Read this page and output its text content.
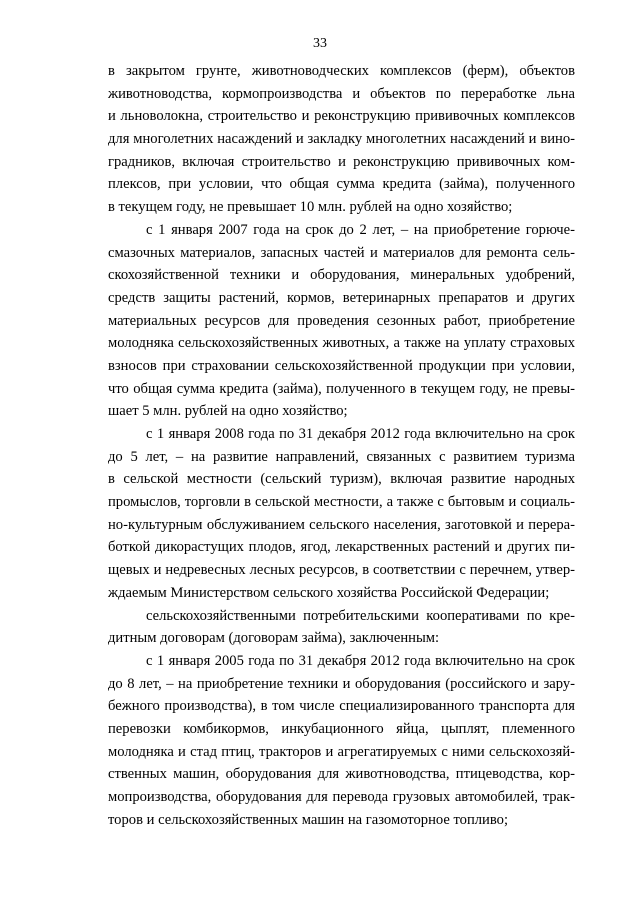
33
в закрытом грунте, животноводческих комплексов (ферм), объектов
животноводства, кормопроизводства и объектов по переработке льна
и льноволокна, строительство и реконструкцию прививочных комплексов
для многолетних насаждений и закладку многолетних насаждений и вино-
градников, включая строительство и реконструкцию прививочных ком-
плексов, при условии, что общая сумма кредита (займа), полученного
в текущем году, не превышает 10 млн. рублей на одно хозяйство;
с 1 января 2007 года на срок до 2 лет, – на приобретение горюче-
смазочных материалов, запасных частей и материалов для ремонта сель-
скохозяйственной техники и оборудования, минеральных удобрений,
средств защиты растений, кормов, ветеринарных препаратов и других
материальных ресурсов для проведения сезонных работ, приобретение
молодняка сельскохозяйственных животных, а также на уплату страховых
взносов при страховании сельскохозяйственной продукции при условии,
что общая сумма кредита (займа), полученного в текущем году, не превы-
шает 5 млн. рублей на одно хозяйство;
с 1 января 2008 года по 31 декабря 2012 года включительно на срок
до 5 лет, – на развитие направлений, связанных с развитием туризма
в сельской местности (сельский туризм), включая развитие народных
промыслов, торговли в сельской местности, а также с бытовым и социаль-
но-культурным обслуживанием сельского населения, заготовкой и перера-
боткой дикорастущих плодов, ягод, лекарственных растений и других пи-
щевых и недревесных лесных ресурсов, в соответствии с перечнем, утвер-
ждаемым Министерством сельского хозяйства Российской Федерации;
сельскохозяйственными потребительскими кооперативами по кре-
дитным договорам (договорам займа), заключенным:
с 1 января 2005 года по 31 декабря 2012 года включительно на срок
до 8 лет, – на приобретение техники и оборудования (российского и зару-
бежного производства), в том числе специализированного транспорта для
перевозки комбикормов, инкубационного яйца, цыплят, племенного
молодняка и стад птиц, тракторов и агрегатируемых с ними сельскохозяй-
ственных машин, оборудования для животноводства, птицеводства, кор-
мопроизводства, оборудования для перевода грузовых автомобилей, трак-
торов и сельскохозяйственных машин на газомоторное топливо;
